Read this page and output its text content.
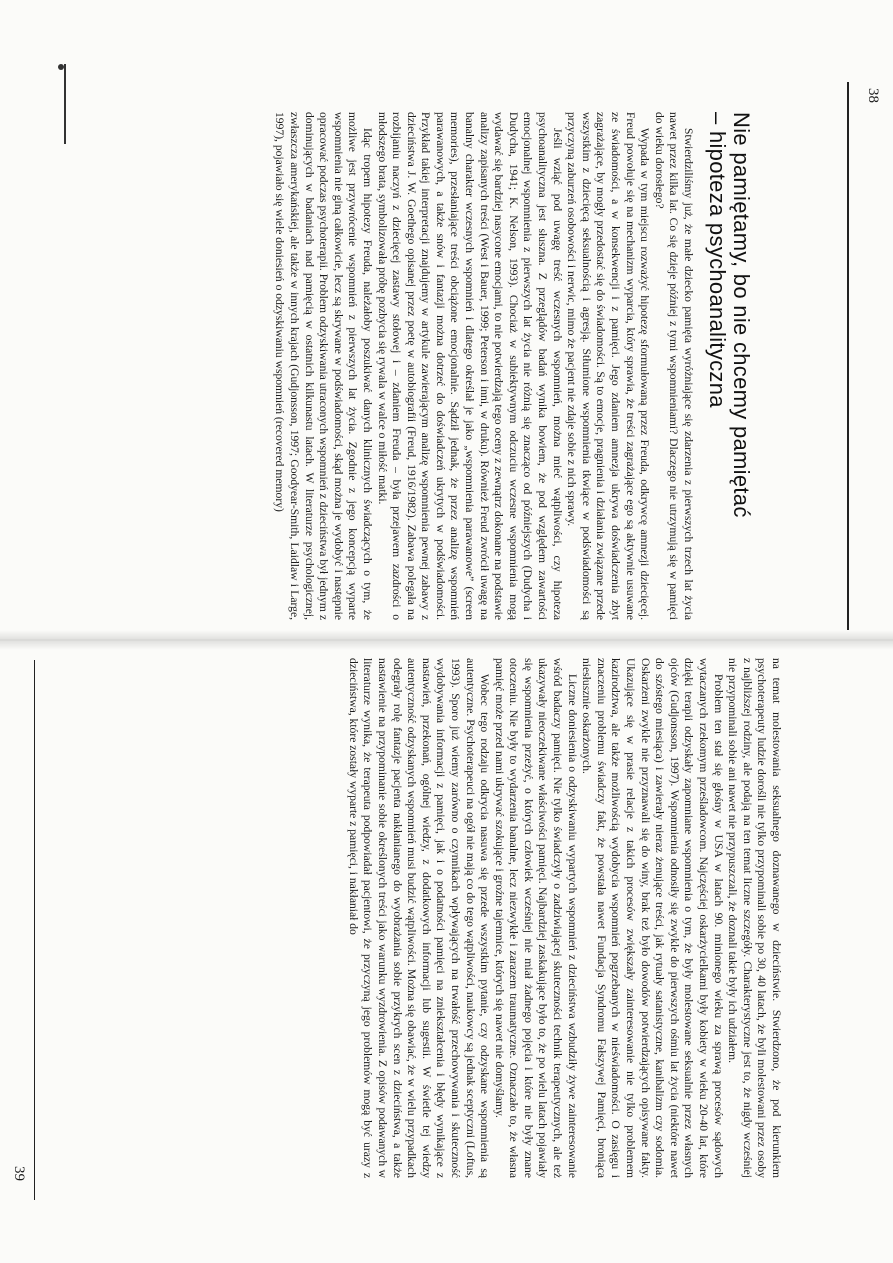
38
Nie pamiętamy, bo nie chcemy pamiętać
– hipoteza psychoanalityczna

Stwierdziliśmy już, że małe dziecko pamięta wyróżniające się zdarzenia z pierwszych trzech lat życia nawet przez kilka lat. Co się dzieje później z tymi wspomnieniami? Dlaczego nie utrzymują się w pamięci do wieku dorosłego?

Wypada w tym miejscu rozważyć hipotezę sformułowaną przez Freuda, odkrywcę amnezji dziecięcej. Freud powołuje się na mechanizm wyparcia, który sprawia, że treści zagrażające ego są aktywnie usuwane ze świadomości, a w konsekwencji i z pamięci. Jego zdaniem amnezja ukrywa doświadczenia zbyt zagrażające, by mogły przedostać się do świadomości. Są to emocje, pragnienia i działania związane przede wszystkim z dziecięcą seksualnością i agresją. Stłumione wspomnienia tkwiące w podświadomości są przyczyną zaburzeń osobowości i nerwic, mimo że pacjent nie zdaje sobie z nich sprawy.

Jeśli wziąć pod uwagę treść wczesnych wspomnień, można mieć wątpliwości, czy hipoteza psychoanalityczna jest słuszna. Z przeglądów badań wynika bowiem, że pod względem zawartości emocjonalnej wspomnienia z pierwszych lat życia nie różnią się znacząco od późniejszych (Dudycha i Dudycha, 1941; K. Nelson, 1993). Chociaż w subiektywnym odczuciu wczesne wspomnienia mogą wydawać się bardziej nasycone emocjami, to nie potwierdzają tego oceny z zewnątrz dokonane na podstawie analizy zapisanych treści (West i Bauer, 1999; Peterson i inni, w druku). Również Freud zwrócił uwagę na banalny charakter wczesnych wspomnień i dlatego określał je jako „wspomnienia parawanowe” (screen memories), przesłaniające treści obciążone emocjonalnie. Sądził jednak, że przez analizę wspomnień parawanowych, a także snów i fantazji można dotrzeć do doświadczeń ukrytych w podświadomości. Przykład takiej interpretacji znajdujemy w artykule zawierającym analizę wspomnienia pewnej zabawy z dzieciństwa J. W. Goethego opisanej przez poetę w autobiografii (Freud, 1916/1982). Zabawa polegała na rozbijaniu naczyń z dziecięcej zastawy stołowej i – zdaniem Freuda – była przejawem zazdrości o młodszego brata, symbolizowała próbę pozbycia się rywala w walce o miłość matki.

Idąc tropem hipotezy Freuda, należałoby poszukiwać danych klinicznych świadczących o tym, że możliwe jest przywrócenie wspomnień z pierwszych lat życia. Zgodnie z jego koncepcją wyparte wspomnienia nie giną całkowicie, lecz są skrywane w podświadomości, skąd można je wydobyć i następnie opracować podczas psychoterapii. Problem odzyskiwania utraconych wspomnień z dzieciństwa był jednym z dominujących w badaniach nad pamięcią w ostatnich kilkunastu latach. W literaturze psychologicznej, zwłaszcza amerykańskiej, ale także w innych krajach (Gudjonsson, 1997; Goodyear-Smith, Laidlaw i Large, 1997), pojawiało się wiele doniesień o odzyskiwaniu wspomnień (recovered memory)

39	na temat molestowania seksualnego doznawanego w dzieciństwie. Stwierdzono, że pod kierunkiem psychoterapeuty ludzie dorośli nie tylko przypominali sobie po 30, 40 latach, że byli molestowani przez osoby z najbliższej rodziny, ale podają na ten temat liczne szczegóły. Charakterystyczne jest to, że nigdy wcześniej nie przypominali sobie ani nawet nie przypuszczali, że doznali takie były ich udziałem.

Problem ten stał się głośny w USA w latach 90. minionego wieku za sprawą procesów sądowych wytaczanych rzekomym prześladowcom. Najczęściej oskarżycielkami były kobiety w wieku 20-40 lat, które dzięki terapii odzyskały zapomniane wspomnienia o tym, że były molestowane seksualnie przez własnych ojców (Gudjonsson, 1997). Wspomnienia odnosiły się zwykle do pierwszych ośmiu lat życia (niektóre nawet do szóstego miesiąca) i zawierały nieraz żenujące treści, jak rytuały satanistyczne, kanibalizm czy sodomia. Oskarżeni zwykle nie przyznawali się do winy, brak też było dowodów potwierdzających opisywane fakty. Ukazujące się w prasie relacje z takich procesów zwiększały zainteresowanie nie tylko problemem kazirodztwa, ale także możliwością wydobycia wspomnień pogrzebanych w nieświadomości. O zasięgu i znaczeniu problemu świadczy fakt, że powstała nawet Fundacja Syndromu Fałszywej Pamięci, broniąca niesłusznie oskarżonych.

Liczne doniesienia o odzyskiwaniu wypartych wspomnień z dzieciństwa wzbudziły żywe zainteresowanie wśród badaczy pamięci. Nie tylko świadczyły o zadziwiającej skuteczności technik terapeutycznych, ale też ukazywały nieoczekiwane właściwości pamięci. Najbardziej zaskakujące było to, że po wielu latach pojawiały się wspomnienia przeżyć, o których człowiek wcześniej nie miał żadnego pojęcia i które nie były znane otoczeniu. Nie były to wydarzenia banalne, lecz niezwykłe i zarazem traumatyczne. Oznaczało to, że własna pamięć może przed nami ukrywać szokujące i groźne tajemnice, których się nawet nie domyślamy.

Wobec tego rodzaju odkrycia nasuwa się przede wszystkim pytanie, czy odzyskane wspomnienia są autentyczne. Psychoterapeuci na ogół nie mają co do tego wątpliwości, naukowcy są jednak sceptyczni (Loftus, 1993). Sporo już wiemy zarówno o czynnikach wpływających na trwałość przechowywania i skuteczność wydobywania informacji z pamięci, jak i o podatności pamięci na zniekształcenia i błędy wynikające z nastawień, przekonań, ogólnej wiedzy, z dodatkowych informacji lub sugestii. W świetle tej wiedzy autentyczność odzyskanych wspomnień musi budzić wątpliwości. Można się obawiać, że w wielu przypadkach odegrały rolę fantazje pacjenta nakłanianego do wyobrażania sobie przykrych scen z dzieciństwa, a także nastawienie na przypominanie sobie określonych treści jako warunku wyzdrowienia. Z opisów podawanych w literaturze wynika, że terapeuta podpowiadał pacjentowi, że przyczyną jego problemów mogą być urazy z dzieciństwa, które zostały wyparte z pamięci, i nakłaniał do
